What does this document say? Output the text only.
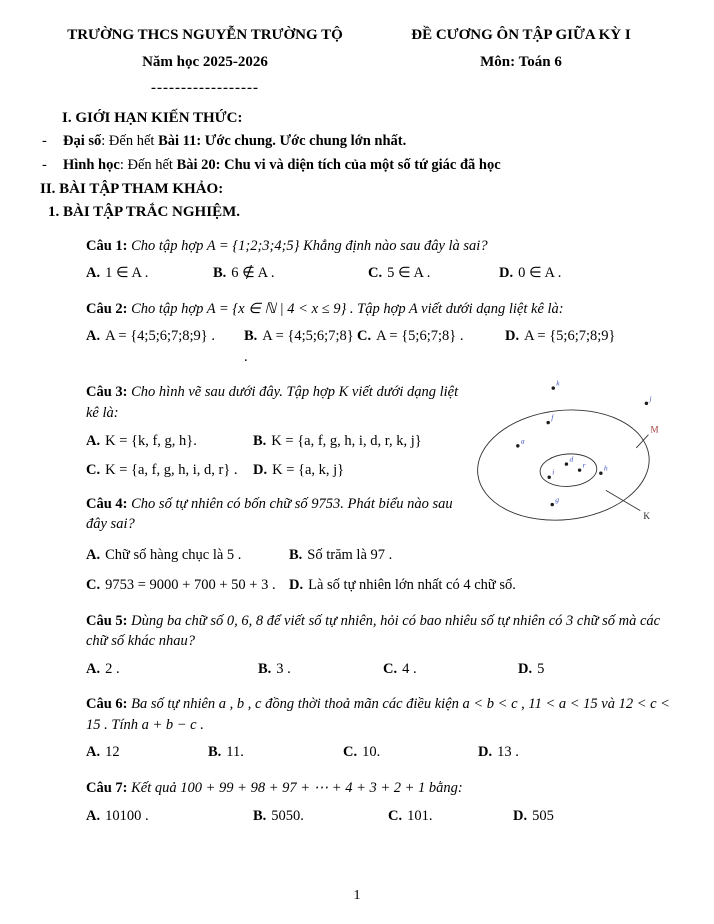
TRƯỜNG THCS NGUYỄN TRƯỜNG TỘ
Năm học 2025-2026
------------------
ĐỀ CƯƠNG ÔN TẬP GIỮA KỲ I
Môn: Toán 6
I. GIỚI HẠN KIẾN THỨC:
-	Đại số: Đến hết Bài 11: Ước chung. Ước chung lớn nhất.
-	Hình học: Đến hết Bài 20: Chu vi và diện tích của một số tứ giác đã học
II. BÀI TẬP THAM KHẢO:
1. BÀI TẬP TRẮC NGHIỆM.

Câu 1: Cho tập hợp A = {1;2;3;4;5} Khẳng định nào sau đây là sai?

A. 1 ∈ A .	B. 6 ∉ A .	C. 5 ∈ A .	D. 0 ∈ A .

Câu 2: Cho tập hợp A = {x ∈ ℕ | 4 < x ≤ 9} . Tập hợp A viết dưới dạng liệt kê là:

A. A = {4;5;6;7;8;9} .	B. A = {4;5;6;7;8} .
C. A = {5;6;7;8} .	D. A = {5;6;7;8;9}

Câu 3: Cho hình vẽ sau dưới đây. Tập hợp K viết dưới dạng liệt kê là:

A. K = {k, f, g, h}.	B. K = {a, f, g, h, i, d, r, k, j}
C. K = {a, f, g, h, i, d, r} .	D. K = {a, k, j}

Câu 4: Cho số tự nhiên có bốn chữ số 9753. Phát biểu nào sau đây sai?

M
K
k
j
f
a
i
d
r h
g
A. Chữ số hàng chục là 5 .	B. Số trăm là 97 .
C. 9753 = 9000 + 700 + 50 + 3 . D. Là số tự nhiên lớn nhất có 4 chữ số.

Câu 5: Dùng ba chữ số 0, 6, 8 để viết số tự nhiên, hỏi có bao nhiêu số tự nhiên có 3 chữ số mà các chữ số khác nhau?

A. 2 .	B. 3 .	C. 4 .	D. 5

Câu 6: Ba số tự nhiên a , b , c đồng thời thoả mãn các điều kiện a < b < c , 11 < a < 15 và 12 < c < 15 . Tính a + b − c .

A. 12	B. 11.	C. 10.	D. 13 .

Câu 7: Kết quả 100 + 99 + 98 + 97 + ⋯ + 4 + 3 + 2 + 1 bằng:

A. 10100 .	B. 5050.	C. 101.	D. 505
1
